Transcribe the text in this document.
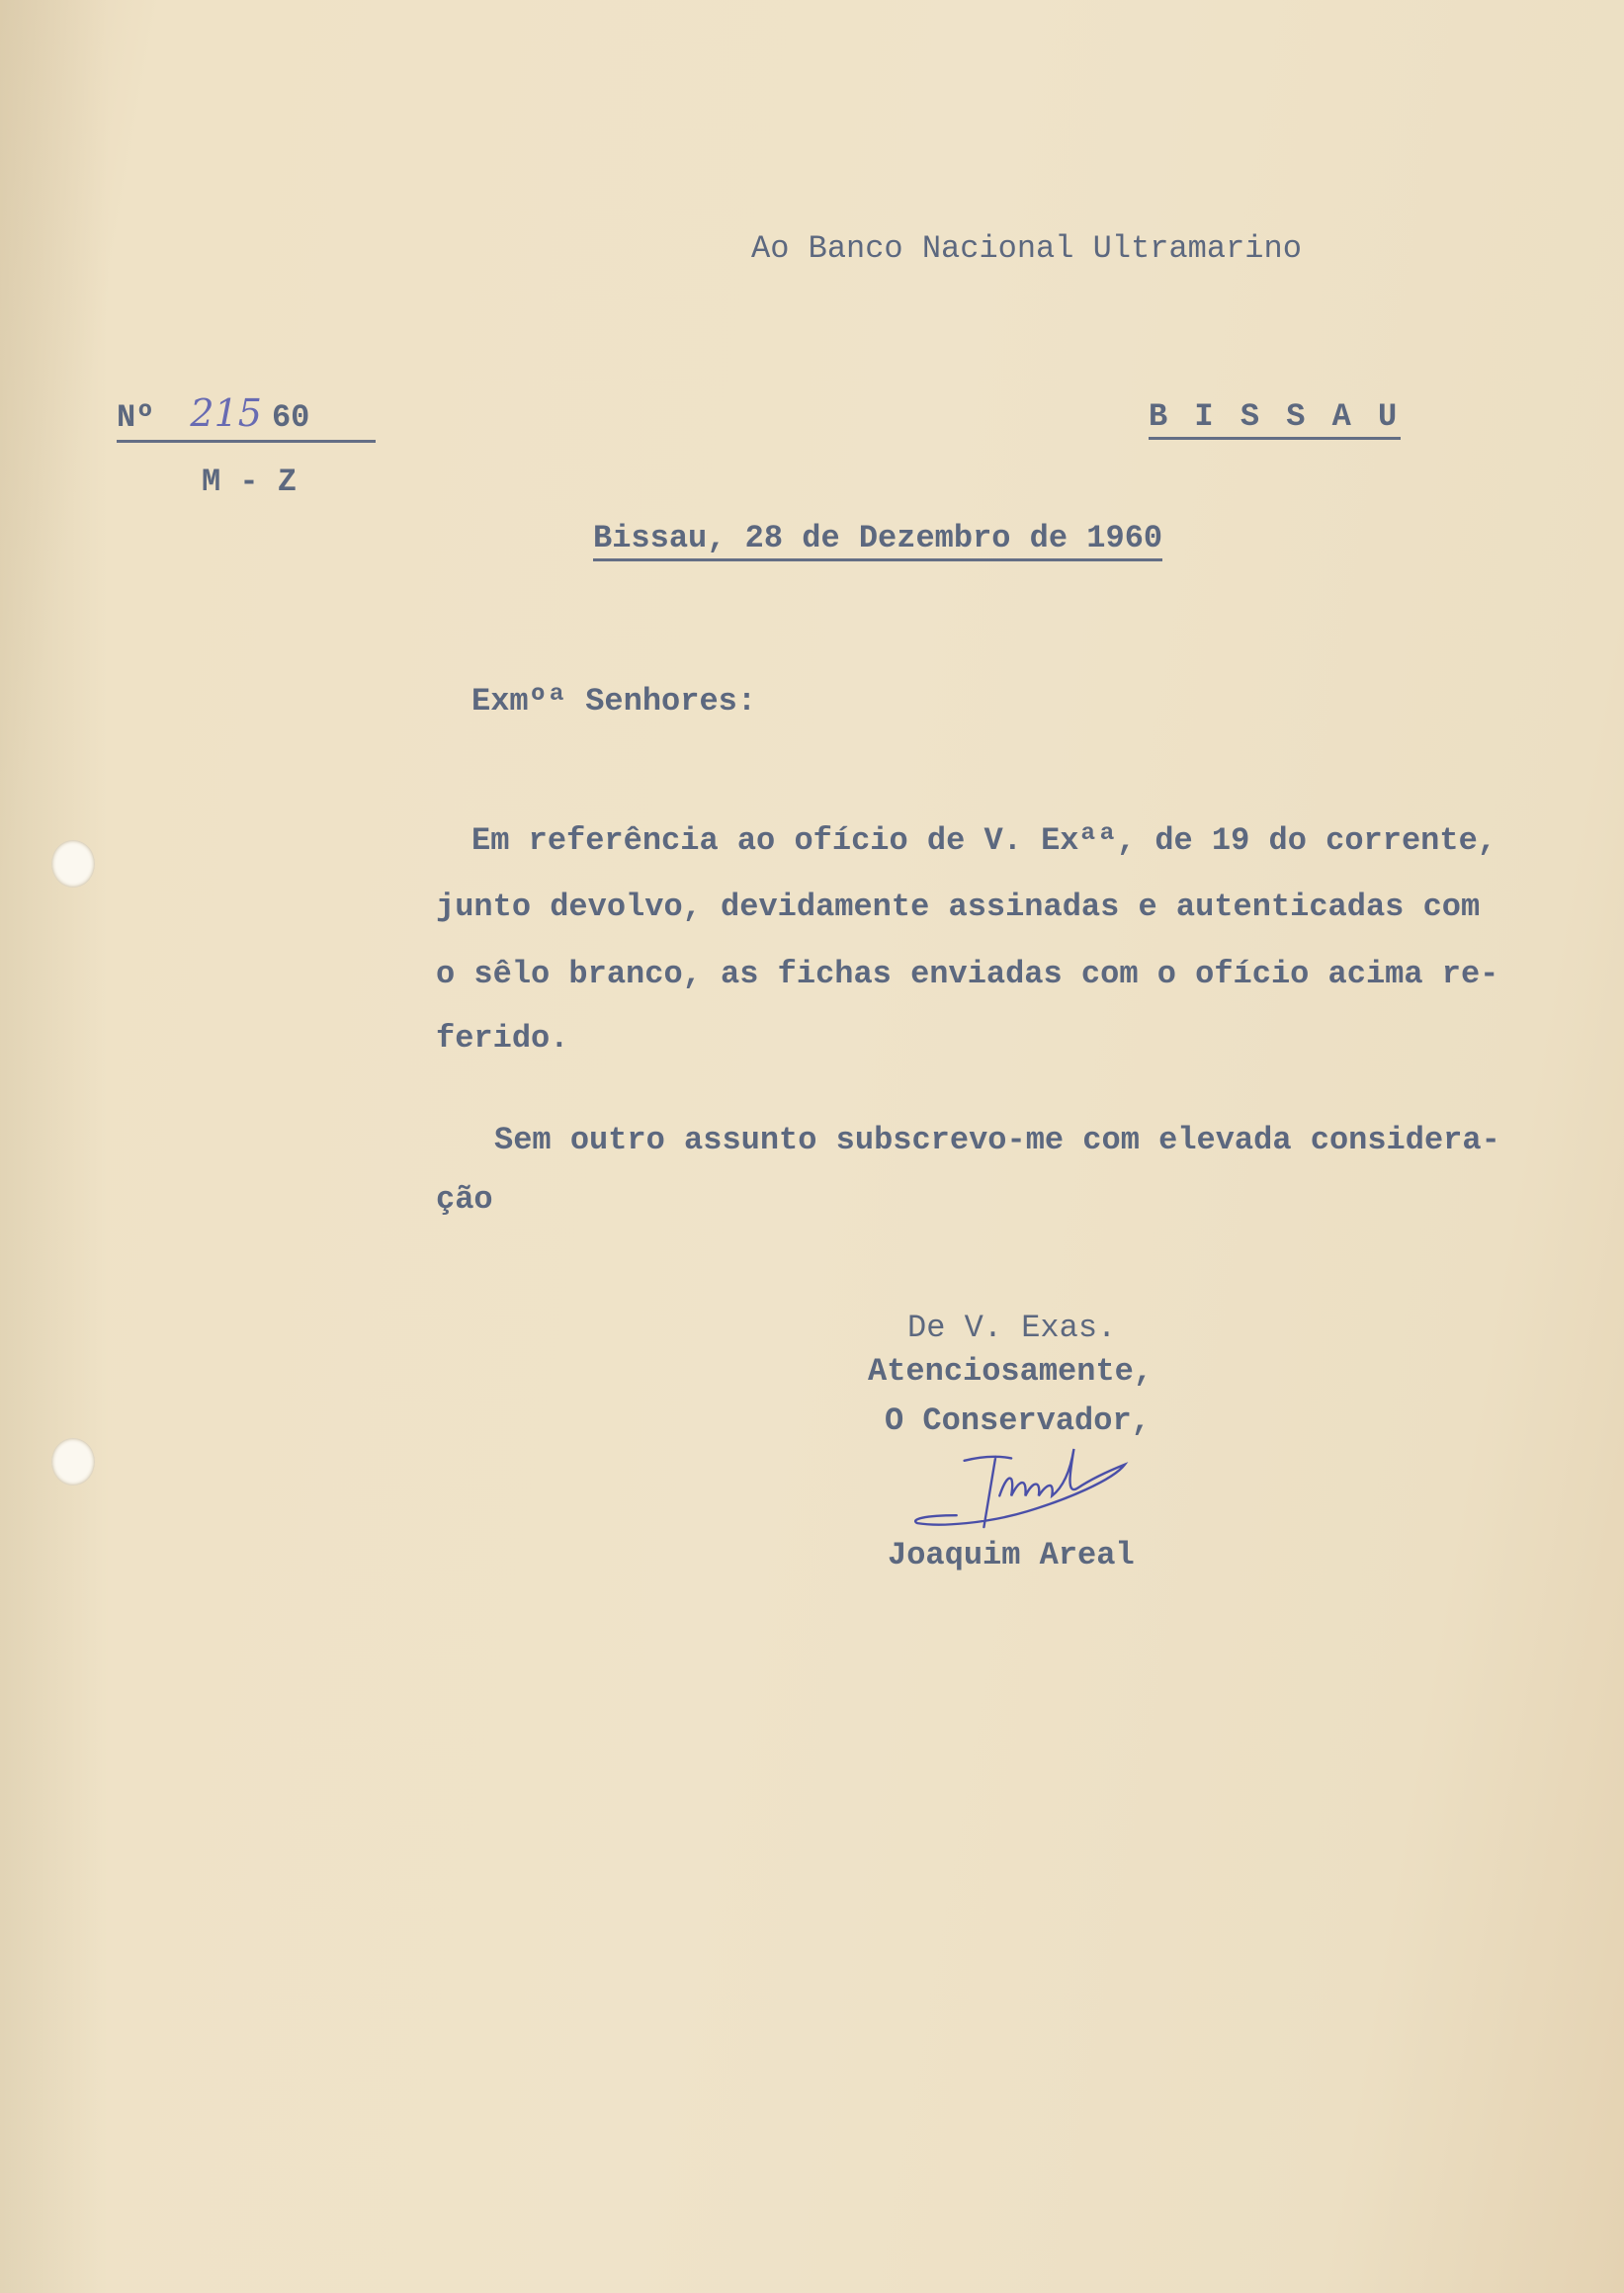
Ao Banco Nacional Ultramarino
Nº 215 60
M - Z
B I S S A U
Bissau, 28 de Dezembro de 1960
Exmºª Senhores:
Em referência ao ofício de V. Exªª, de 19 do corrente,
junto devolvo, devidamente assinadas e autenticadas com
o sêlo branco, as fichas enviadas com o ofício acima re-
ferido.
Sem outro assunto subscrevo-me com elevada considera-
ção
De V. Exas.
Atenciosamente,
O Conservador,
Joaquim Areal
